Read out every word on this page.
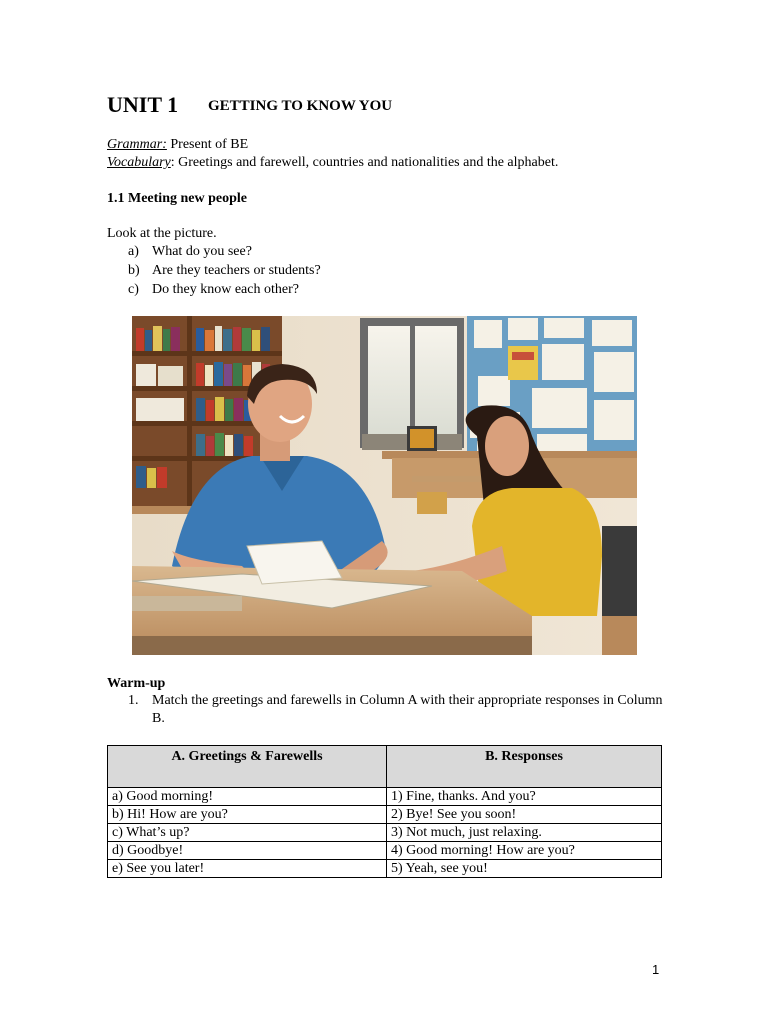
UNIT 1 GETTING TO KNOW YOU
Grammar: Present of BE
Vocabulary: Greetings and farewell, countries and nationalities and the alphabet.
1.1 Meeting new people
Look at the picture.
a) What do you see?
b) Are they teachers or students?
c) Do they know each other?
Warm-up
1. Match the greetings and farewells in Column A with their appropriate responses in Column B.
A. Greetings & Farewells	B. Responses
a) Good morning!	1) Fine, thanks. And you?
b) Hi! How are you?	2) Bye! See you soon!
c) What’s up?	3) Not much, just relaxing.
d) Goodbye!	4) Good morning! How are you?
e) See you later!	5) Yeah, see you!
1
